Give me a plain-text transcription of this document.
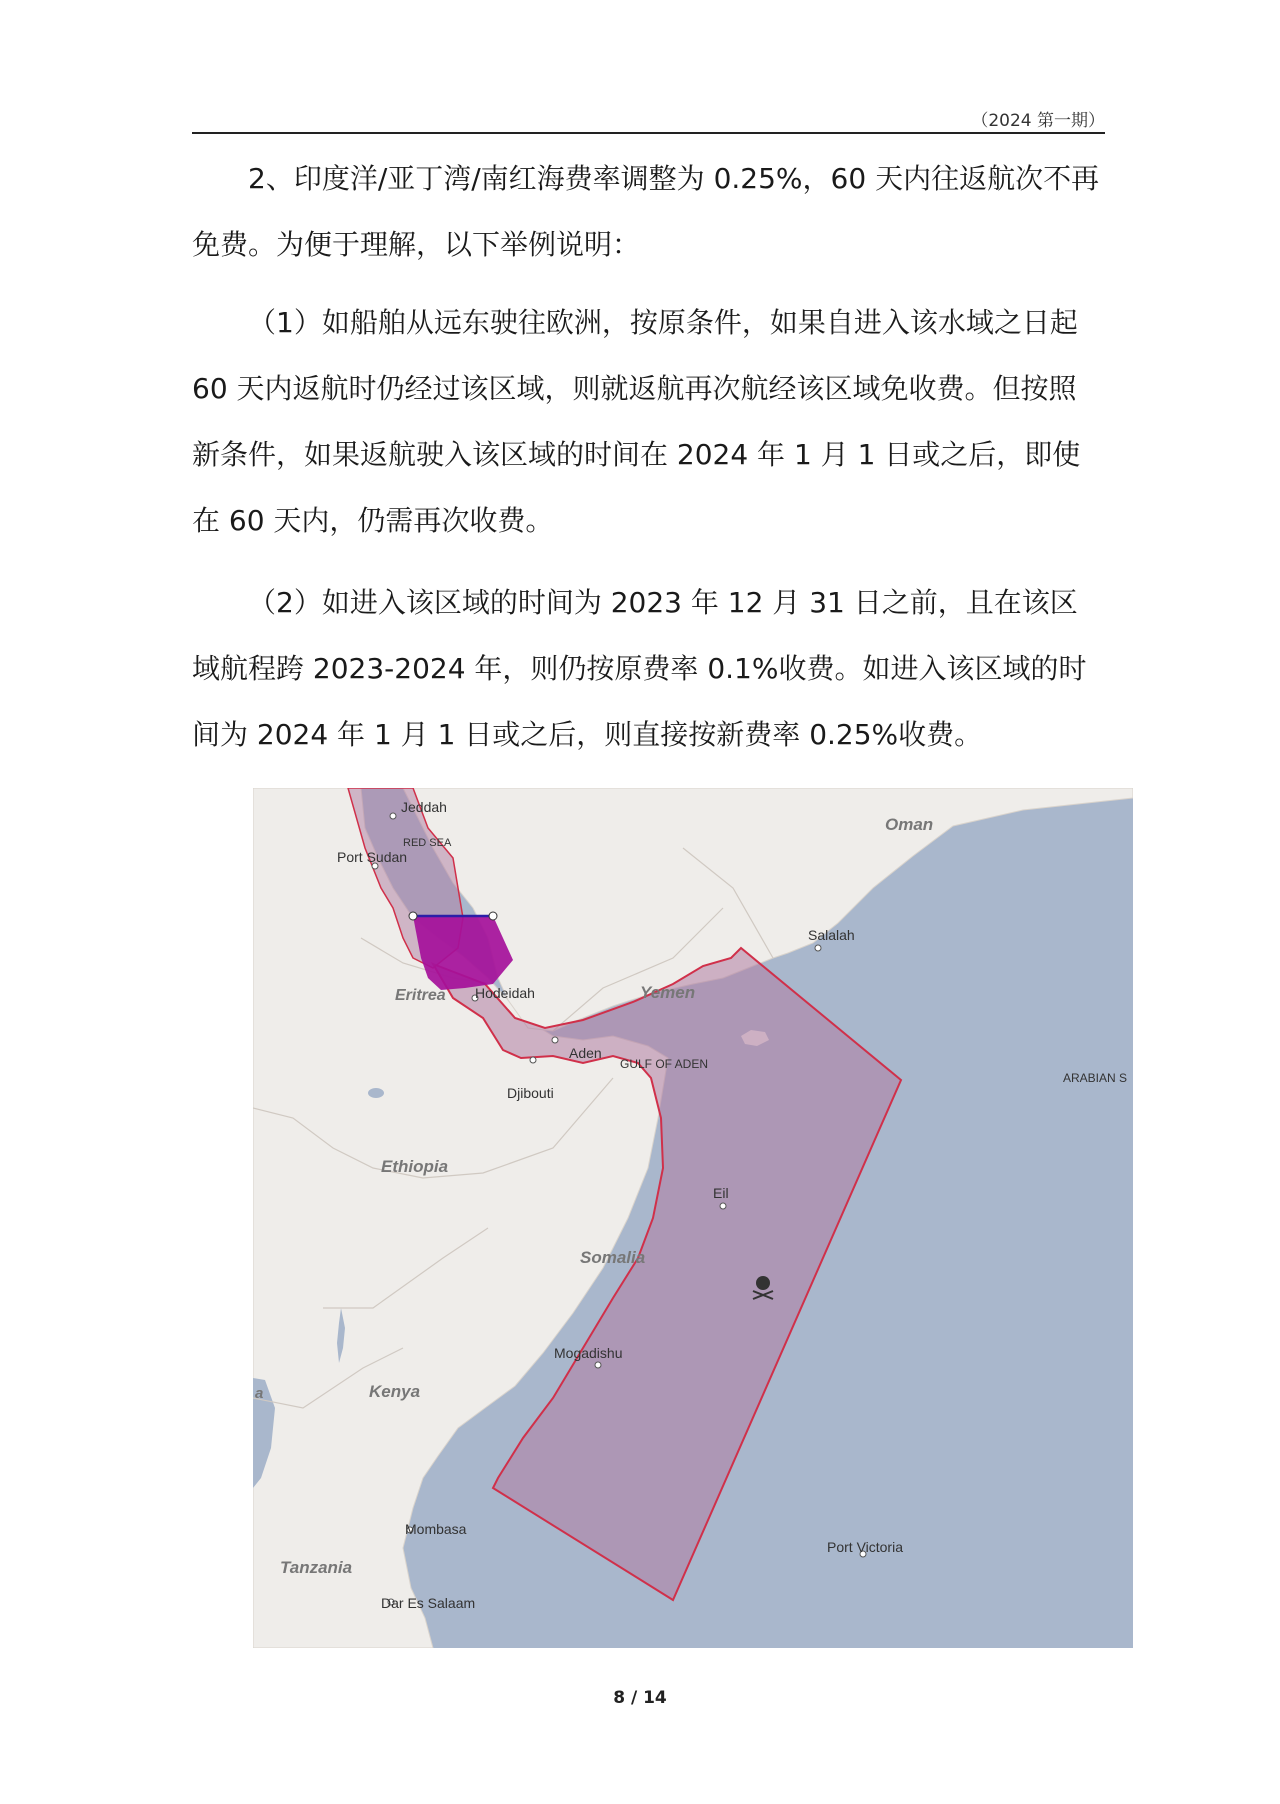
（2024 第一期）

2、印度洋/亚丁湾/南红海费率调整为 0.25%，60 天内往返航次不再免费。为便于理解，以下举例说明：

（1）如船舶从远东驶往欧洲，按原条件，如果自进入该水域之日起 60 天内返航时仍经过该区域，则就返航再次航经该区域免收费。但按照新条件，如果返航驶入该区域的时间在 2024 年 1 月 1 日或之后，即使在 60 天内，仍需再次收费。

（2）如进入该区域的时间为 2023 年 12 月 31 日之前，且在该区域航程跨 2023-2024 年，则仍按原费率 0.1%收费。如进入该区域的时间为 2024 年 1 月 1 日或之后，则直接按新费率 0.25%收费。

Jeddah
RED SEA
Port Sudan
Oman
Salalah
Eritrea Hodeidah	Yemen
Aden
GULF OF ADEN
Djibouti
ARABIAN S
Ethiopia
Eil
Somalia
Mogadishu
Kenya
Mombasa
Tanzania
Dar Es Salaam
Port Victoria
a
8 / 14
